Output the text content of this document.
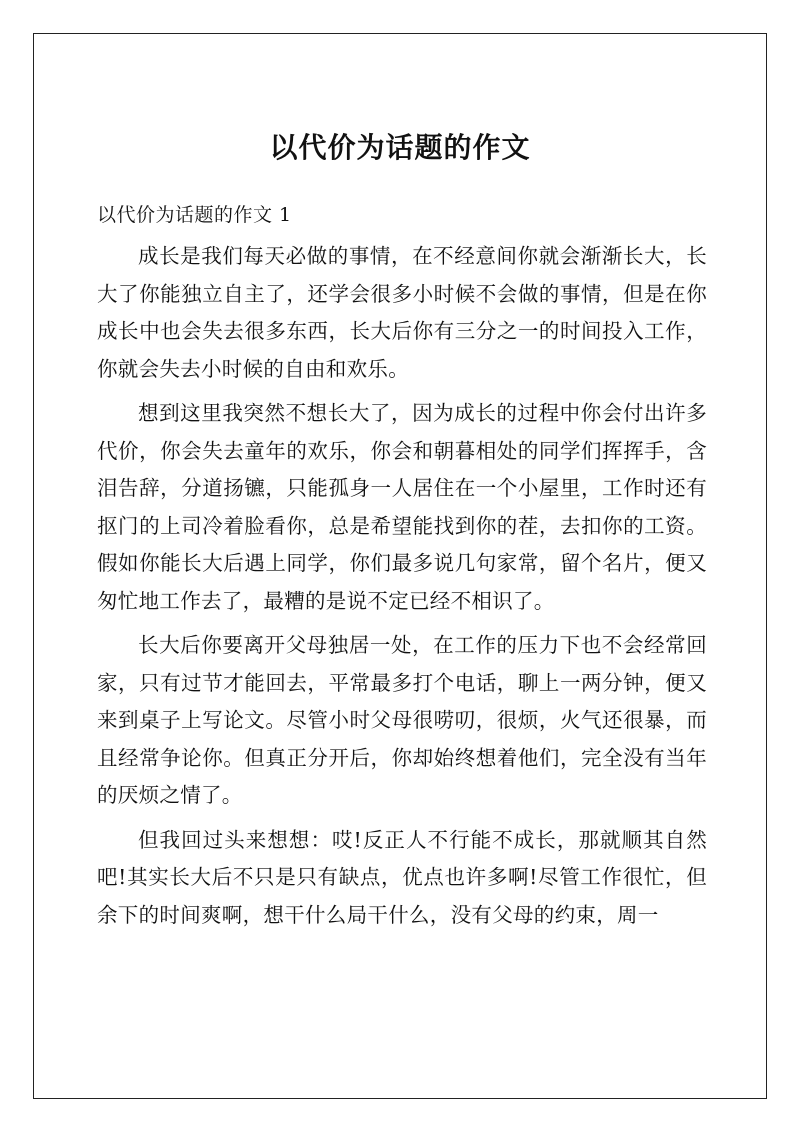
以代价为话题的作文

以代价为话题的作文 1

成长是我们每天必做的事情，在不经意间你就会渐渐长大，长大了你能独立自主了，还学会很多小时候不会做的事情，但是在你成长中也会失去很多东西，长大后你有三分之一的时间投入工作，你就会失去小时候的自由和欢乐。

想到这里我突然不想长大了，因为成长的过程中你会付出许多代价，你会失去童年的欢乐，你会和朝暮相处的同学们挥挥手，含泪告辞，分道扬镳，只能孤身一人居住在一个小屋里，工作时还有抠门的上司冷着脸看你，总是希望能找到你的茬，去扣你的工资。假如你能长大后遇上同学，你们最多说几句家常，留个名片，便又匆忙地工作去了，最糟的是说不定已经不相识了。

长大后你要离开父母独居一处，在工作的压力下也不会经常回家，只有过节才能回去，平常最多打个电话，聊上一两分钟，便又来到桌子上写论文。尽管小时父母很唠叨，很烦，火气还很暴，而且经常争论你。但真正分开后，你却始终想着他们，完全没有当年的厌烦之情了。

但我回过头来想想：哎!反正人不行能不成长，那就顺其自然吧!其实长大后不只是只有缺点，优点也许多啊!尽管工作很忙，但余下的时间爽啊，想干什么局干什么，没有父母的约束，周一
